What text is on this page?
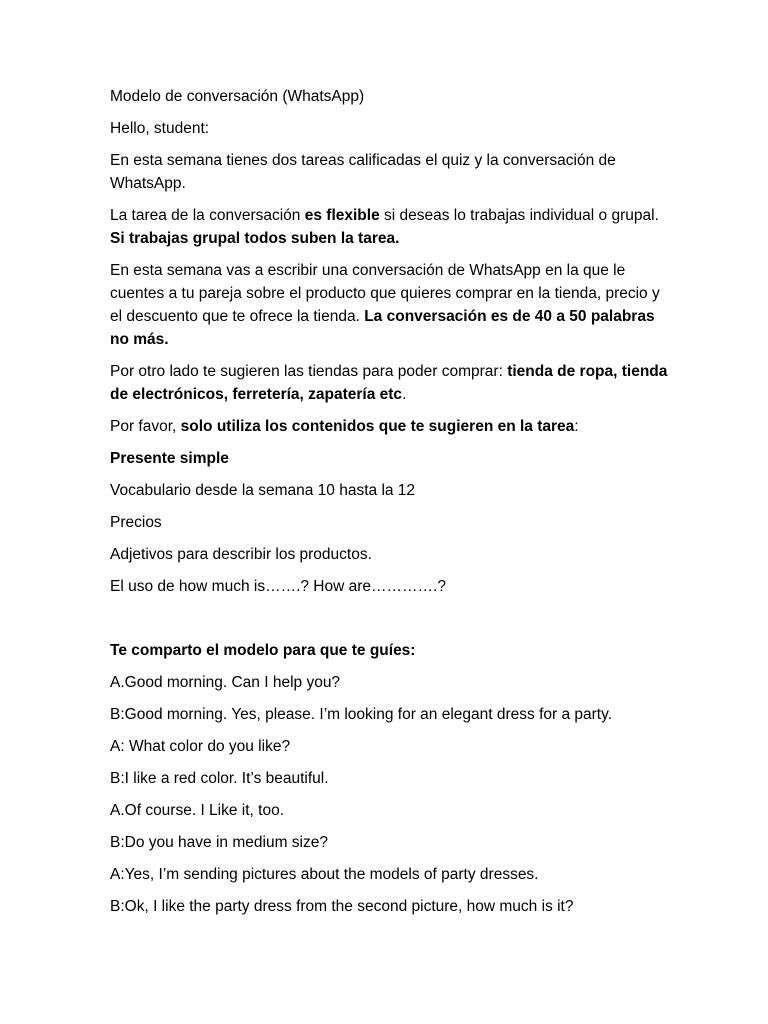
Modelo de conversación (WhatsApp)

Hello, student:

En esta semana tienes dos tareas calificadas el quiz y la conversación de WhatsApp.

La tarea de la conversación es flexible si deseas lo trabajas individual o grupal. Si trabajas grupal todos suben la tarea.

En esta semana vas a escribir una conversación de WhatsApp en la que le cuentes a tu pareja sobre el producto que quieres comprar en la tienda, precio y el descuento que te ofrece la tienda. La conversación es de 40 a 50 palabras no más.

Por otro lado te sugieren las tiendas para poder comprar: tienda de ropa, tienda de electrónicos, ferretería, zapatería etc.

Por favor, solo utiliza los contenidos que te sugieren en la tarea:

Presente simple

Vocabulario desde la semana 10 hasta la 12

Precios

Adjetivos para describir los productos.

El uso de how much is…….? How are………….?

Te comparto el modelo para que te guíes:

A.Good morning. Can I help you?

B:Good morning. Yes, please. I’m looking for an elegant dress for a party.

A: What color do you like?

B:I like a red color. It’s beautiful.

A.Of course. I Like it, too.

B:Do you have in medium size?

A:Yes, I’m sending pictures about the models of party dresses.

B:Ok, I like the party dress from the second picture, how much is it?
